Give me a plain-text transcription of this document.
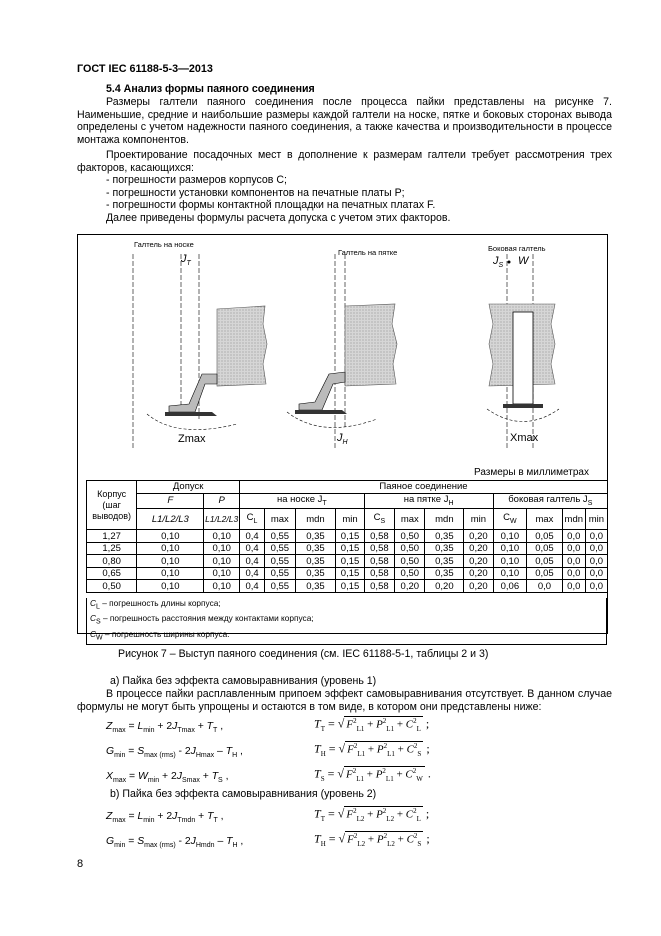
ГОСТ IEC 61188-5-3—2013
5.4 Анализ формы паяного соединения
Размеры галтели паяного соединения после процесса пайки представлены на рисунке 7. Наименьшие, средние и наибольшие размеры каждой галтели на носке, пятке и боковых сторонах вывода определены с учетом надежности паяного соединения, а также качества и производительности в процессе монтажа компонентов.
Проектирование посадочных мест в дополнение к размерам галтели требует рассмотрения трех факторов, касающихся:
- погрешности размеров корпусов C;
- погрешности установки компонентов на печатные платы P;
- погрешности формы контактной площадки на печатных платах F.
Далее приведены формулы расчета допуска с учетом этих факторов.
Галтель на носке
Галтель на пятке	Боковая галтель
$J_T$	$J_S$ W
Zmax	$J_H$	Xmax
Размеры в миллиметрах
Корпус (шаг выводов)	Допуск		Паяное соединение											
	F	P	на носке $J_T$				на пятке $J_H$				боковая галтель $J_S$
	L1/L2/L3	L1/L2/L3	$C_L$	max	mdn	min	$C_S$	max	mdn	min	$C_W$	max	mdn	min
1,27	0,10	0,10	0,4	0,55	0,35	0,15	0,58	0,50	0,35	0,20	0,10	0,05	0,0	0,0
1,25	0,10	0,10	0,4	0,55	0,35	0,15	0,58	0,50	0,35	0,20	0,10	0,05	0,0	0,0
0,80	0,10	0,10	0,4	0,55	0,35	0,15	0,58	0,50	0,35	0,20	0,10	0,05	0,0	0,0
0,65	0,10	0,10	0,4	0,55	0,35	0,15	0,58	0,50	0,35	0,20	0,10	0,05	0,0	0,0
0,50	0,10	0,10	0,4	0,55	0,35	0,15	0,58	0,20	0,20	0,20	0,06	0,0	0,0	0,0
$C_L$ – погрешность длины корпуса;
$C_S$ – погрешность расстояния между контактами корпуса;
$C_W$ – погрешность ширины корпуса.
Рисунок 7 – Выступ паяного соединения (см. IEC 61188-5-1, таблицы 2 и 3)
a) Пайка без эффекта самовыравнивания (уровень 1)
В процессе пайки расплавленным припоем эффект самовыравнивания отсутствует. В данном случае формулы не могут быть упрощены и остаются в том виде, в котором они представлены ниже:
$Z_{max} = L_{min} + 2J_{Tmax} + T_T$ ,	$T_T$ = √ $F^2_{L1} + P^2_{L1} + C^2_L$ ;
$G_{min} = S_{max (rms)} - 2J_{Hmax} - T_H$ ,	$T_H$ = √ $F^2_{L1} + P^2_{L1} + C^2_S$ ;
$X_{max} = W_{min} + 2J_{Smax} + T_S$ ,	$T_S$ = √ $F^2_{L1} + P^2_{L1} + C^2_W$ .
b) Пайка без эффекта самовыравнивания (уровень 2)
$Z_{max} = L_{min} + 2J_{Tmdn} + T_T$ ,	$T_T$ = √ $F^2_{L2} + P^2_{L2} + C^2_L$ ;
$G_{min} = S_{max (rms)} - 2J_{Hmdn} - T_H$ ,	$T_H$ = √ $F^2_{L2} + P^2_{L2} + C^2_S$ ;
8
